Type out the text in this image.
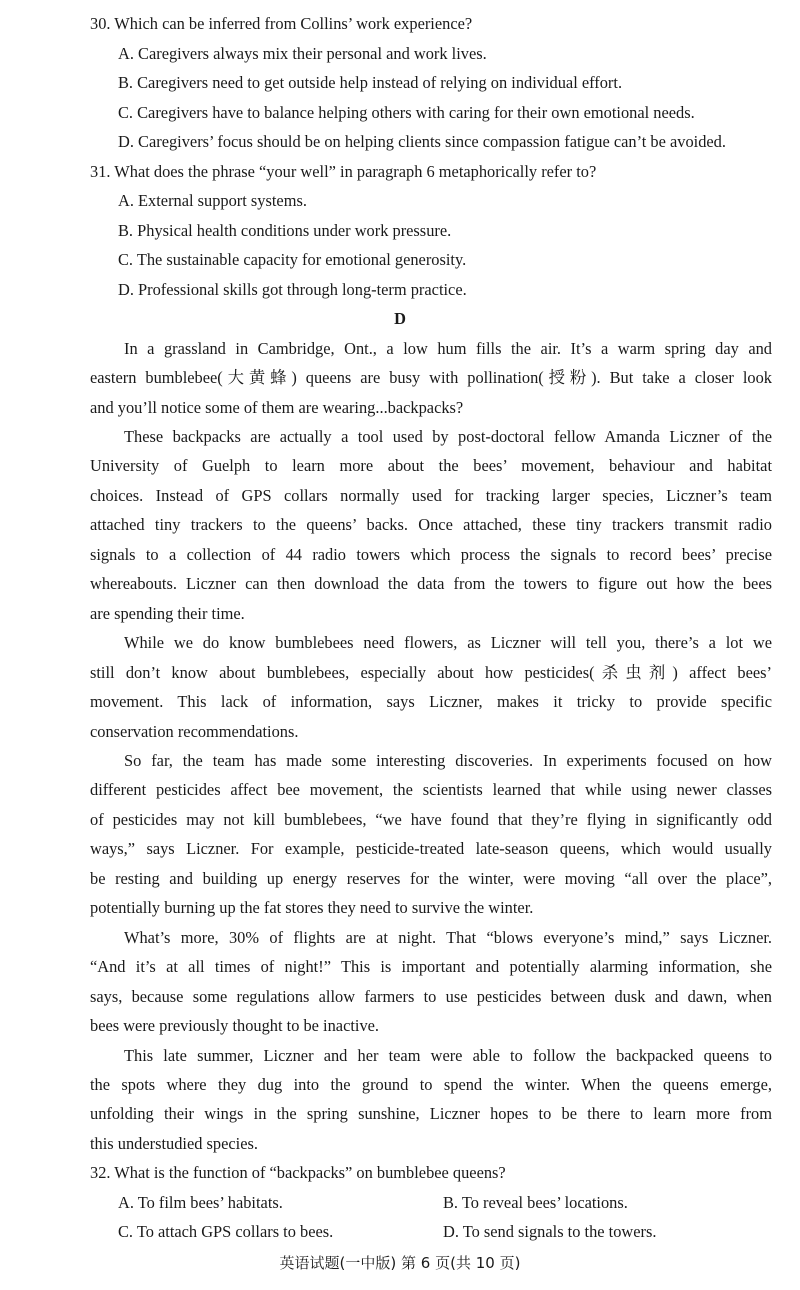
30. Which can be inferred from Collins’ work experience?
A. Caregivers always mix their personal and work lives.
B. Caregivers need to get outside help instead of relying on individual effort.
C. Caregivers have to balance helping others with caring for their own emotional needs.
D. Caregivers’ focus should be on helping clients since compassion fatigue can’t be avoided.
31. What does the phrase “your well” in paragraph 6 metaphorically refer to?
A. External support systems.
B. Physical health conditions under work pressure.
C. The sustainable capacity for emotional generosity.
D. Professional skills got through long-term practice.
D
In a grassland in Cambridge, Ont., a low hum fills the air. It’s a warm spring day and
eastern bumblebee(大黄蜂) queens are busy with pollination(授粉). But take a closer look
and you’ll notice some of them are wearing...backpacks?
These backpacks are actually a tool used by post-doctoral fellow Amanda Liczner of the
University of Guelph to learn more about the bees’ movement, behaviour and habitat
choices. Instead of GPS collars normally used for tracking larger species, Liczner’s team
attached tiny trackers to the queens’ backs. Once attached, these tiny trackers transmit radio
signals to a collection of 44 radio towers which process the signals to record bees’ precise
whereabouts. Liczner can then download the data from the towers to figure out how the bees
are spending their time.
While we do know bumblebees need flowers, as Liczner will tell you, there’s a lot we
still don’t know about bumblebees, especially about how pesticides(杀虫剂) affect bees’
movement. This lack of information, says Liczner, makes it tricky to provide specific
conservation recommendations.
So far, the team has made some interesting discoveries. In experiments focused on how
different pesticides affect bee movement, the scientists learned that while using newer classes
of pesticides may not kill bumblebees, “we have found that they’re flying in significantly odd
ways,” says Liczner. For example, pesticide-treated late-season queens, which would usually
be resting and building up energy reserves for the winter, were moving “all over the place”,
potentially burning up the fat stores they need to survive the winter.
What’s more, 30% of flights are at night. That “blows everyone’s mind,” says Liczner.
“And it’s at all times of night!” This is important and potentially alarming information, she
says, because some regulations allow farmers to use pesticides between dusk and dawn, when
bees were previously thought to be inactive.
This late summer, Liczner and her team were able to follow the backpacked queens to
the spots where they dug into the ground to spend the winter. When the queens emerge,
unfolding their wings in the spring sunshine, Liczner hopes to be there to learn more from
this understudied species.
32. What is the function of “backpacks” on bumblebee queens?
A. To film bees’ habitats.	B. To reveal bees’ locations.
C. To attach GPS collars to bees.	D. To send signals to the towers.
英语试题(一中版) 第 6 页(共 10 页)
